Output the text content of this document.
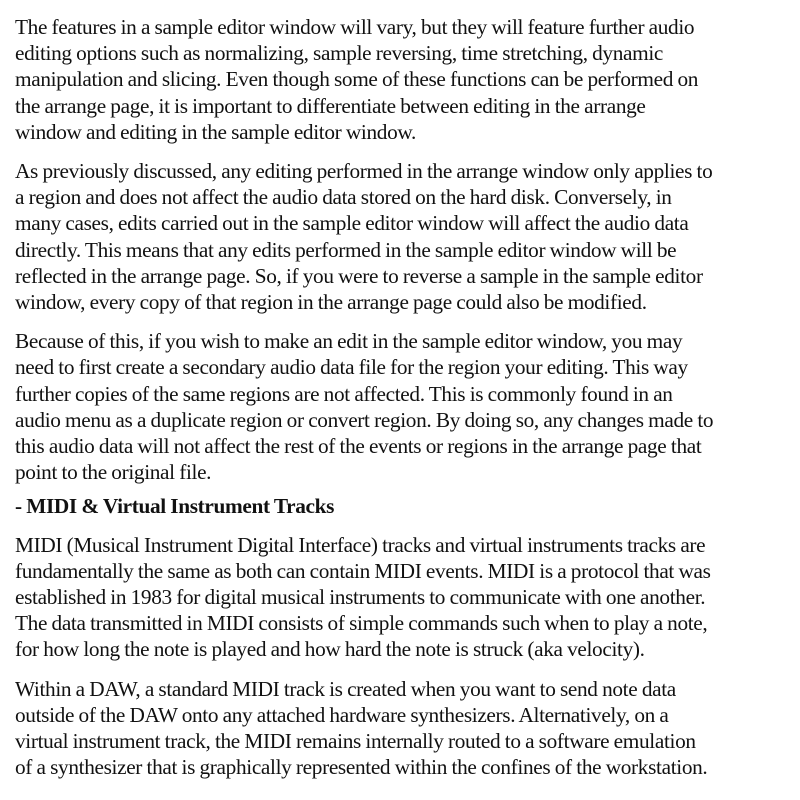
The features in a sample editor window will vary, but they will feature further audio
editing options such as normalizing, sample reversing, time stretching, dynamic
manipulation and slicing. Even though some of these functions can be performed on
the arrange page, it is important to differentiate between editing in the arrange
window and editing in the sample editor window.

As previously discussed, any editing performed in the arrange window only applies to
a region and does not affect the audio data stored on the hard disk. Conversely, in
many cases, edits carried out in the sample editor window will affect the audio data
directly. This means that any edits performed in the sample editor window will be
reflected in the arrange page. So, if you were to reverse a sample in the sample editor
window, every copy of that region in the arrange page could also be modified.

Because of this, if you wish to make an edit in the sample editor window, you may
need to first create a secondary audio data file for the region your editing. This way
further copies of the same regions are not affected. This is commonly found in an
audio menu as a duplicate region or convert region. By doing so, any changes made to
this audio data will not affect the rest of the events or regions in the arrange page that
point to the original file.

- MIDI & Virtual Instrument Tracks

MIDI (Musical Instrument Digital Interface) tracks and virtual instruments tracks are
fundamentally the same as both can contain MIDI events. MIDI is a protocol that was
established in 1983 for digital musical instruments to communicate with one another.
The data transmitted in MIDI consists of simple commands such when to play a note,
for how long the note is played and how hard the note is struck (aka velocity).

Within a DAW, a standard MIDI track is created when you want to send note data
outside of the DAW onto any attached hardware synthesizers. Alternatively, on a
virtual instrument track, the MIDI remains internally routed to a software emulation
of a synthesizer that is graphically represented within the confines of the workstation.
